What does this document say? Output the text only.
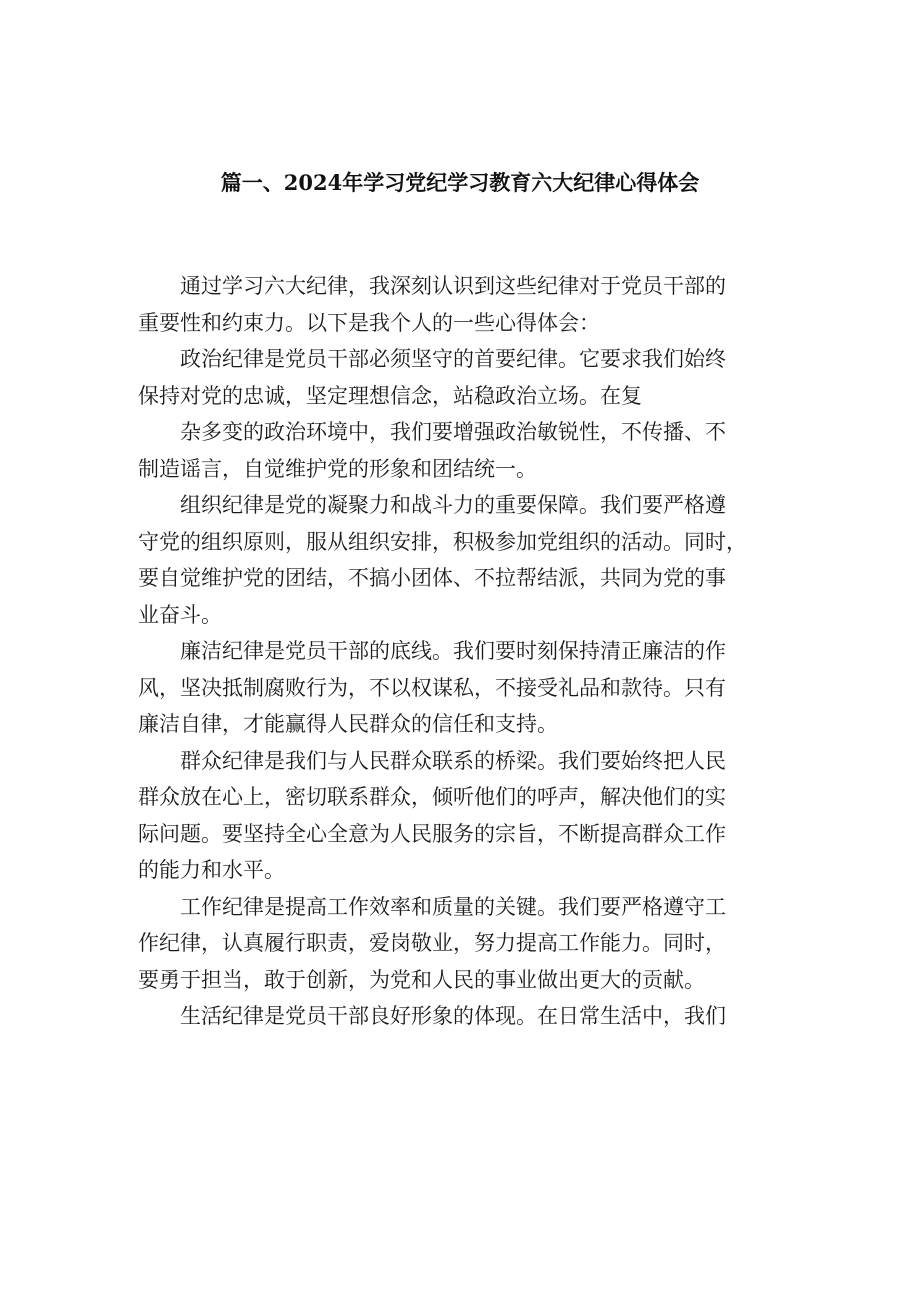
篇一、2024年学习党纪学习教育六大纪律心得体会

通过学习六大纪律，我深刻认识到这些纪律对于党员干部的
重要性和约束力。以下是我个人的一些心得体会：

政治纪律是党员干部必须坚守的首要纪律。它要求我们始终
保持对党的忠诚，坚定理想信念，站稳政治立场。在复

杂多变的政治环境中，我们要增强政治敏锐性，不传播、不
制造谣言，自觉维护党的形象和团结统一。

组织纪律是党的凝聚力和战斗力的重要保障。我们要严格遵
守党的组织原则，服从组织安排，积极参加党组织的活动。同时，
要自觉维护党的团结，不搞小团体、不拉帮结派，共同为党的事
业奋斗。

廉洁纪律是党员干部的底线。我们要时刻保持清正廉洁的作
风，坚决抵制腐败行为，不以权谋私，不接受礼品和款待。只有
廉洁自律，才能赢得人民群众的信任和支持。

群众纪律是我们与人民群众联系的桥梁。我们要始终把人民
群众放在心上，密切联系群众，倾听他们的呼声，解决他们的实
际问题。要坚持全心全意为人民服务的宗旨，不断提高群众工作
的能力和水平。

工作纪律是提高工作效率和质量的关键。我们要严格遵守工
作纪律，认真履行职责，爱岗敬业，努力提高工作能力。同时，
要勇于担当，敢于创新，为党和人民的事业做出更大的贡献。

生活纪律是党员干部良好形象的体现。在日常生活中，我们
